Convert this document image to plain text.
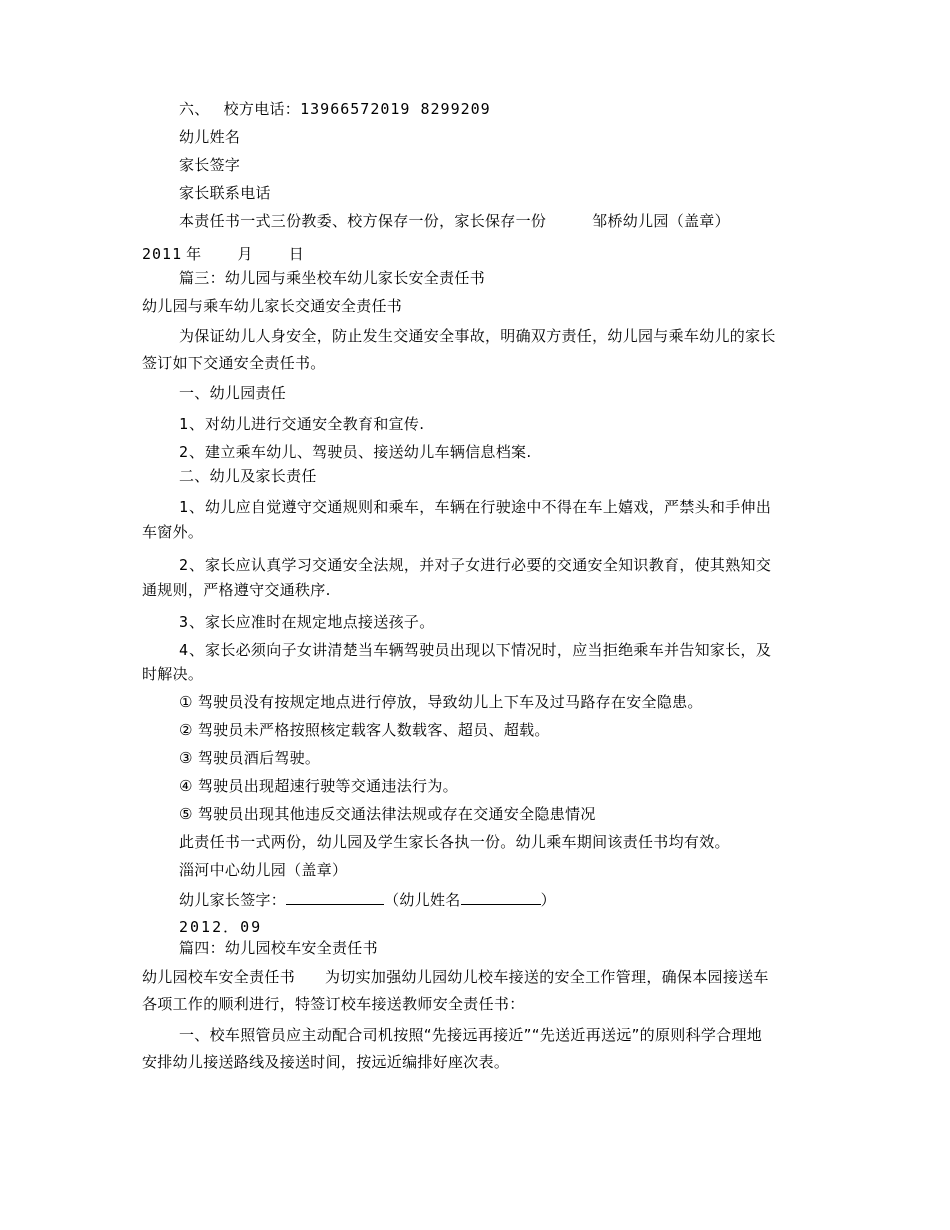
六、 校方电话：13966572019 8299209
幼儿姓名
家长签字
家长联系电话
本责任书一式三份教委、校方保存一份，家长保存一份	邹桥幼儿园（盖章）
2011 年 月 日
篇三：幼儿园与乘坐校车幼儿家长安全责任书
幼儿园与乘车幼儿家长交通安全责任书
为保证幼儿人身安全，防止发生交通安全事故，明确双方责任，幼儿园与乘车幼儿的家长
签订如下交通安全责任书。
一、幼儿园责任
1、对幼儿进行交通安全教育和宣传.
2、建立乘车幼儿、驾驶员、接送幼儿车辆信息档案.
二、幼儿及家长责任
1、幼儿应自觉遵守交通规则和乘车，车辆在行驶途中不得在车上嬉戏，严禁头和手伸出
车窗外。
2、家长应认真学习交通安全法规，并对子女进行必要的交通安全知识教育，使其熟知交
通规则，严格遵守交通秩序.
3、家长应准时在规定地点接送孩子。
4、家长必须向子女讲清楚当车辆驾驶员出现以下情况时，应当拒绝乘车并告知家长，及
时解决。
① 驾驶员没有按规定地点进行停放，导致幼儿上下车及过马路存在安全隐患。
② 驾驶员未严格按照核定载客人数载客、超员、超载。
③ 驾驶员酒后驾驶。
④ 驾驶员出现超速行驶等交通违法行为。
⑤ 驾驶员出现其他违反交通法律法规或存在交通安全隐患情况
此责任书一式两份，幼儿园及学生家长各执一份。幼儿乘车期间该责任书均有效。
淄河中心幼儿园（盖章）
幼儿家长签字：	（幼儿姓名	）
2012．09
篇四：幼儿园校车安全责任书
幼儿园校车安全责任书 为切实加强幼儿园幼儿校车接送的安全工作管理，确保本园接送车
各项工作的顺利进行，特签订校车接送教师安全责任书：
一、校车照管员应主动配合司机按照“先接远再接近”“先送近再送远”的原则科学合理地
安排幼儿接送路线及接送时间，按远近编排好座次表。
